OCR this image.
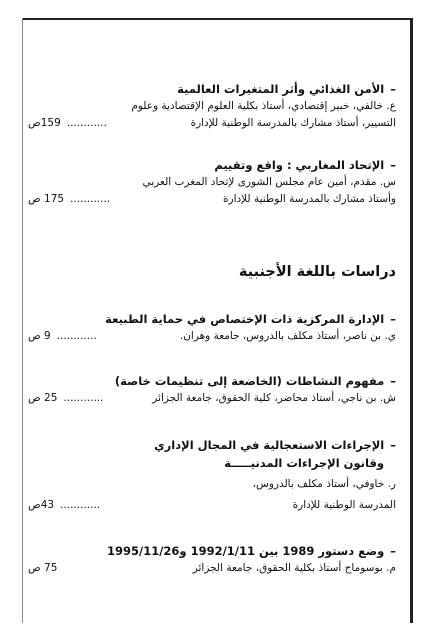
–الأمن الغذائي وأثر المتغيرات العالمية
ع. خالفي، خبير إقتصادي، أستاذ بكلية العلوم الإقتصادية وعلوم
التسيير، أستاذ مشارك بالمدرسة الوطنية للإدارة
............159ص
–الإتحاد المغاربي : واقع وتقييم
س. مقدم، أمين عام مجلس الشورى لإتحاد المغرب العربي
وأستاذ مشارك بالمدرسة الوطنية للإدارة
............175 ص
دراسات باللغة الأجنبية
–الإدارة المركزية ذات الإختصاص في حماية الطبيعة
ي. بن ناصر، أستاذ مكلف بالدروس، جامعة وهران.
............9 ص
–مفهوم النشاطات (الخاضعة إلى تنظيمات خاصة)
ش. بن ناجي، أستاذ محاضر، كلية الحقوق، جامعة الجزائر
............25 ص
–الإجراءات الاستعجالية في المجال الإداري
وقانون الإجراءات المدنيـــــة
ر. خاوفي، أستاذ مكلف بالدروس،
المدرسة الوطنية للإدارة
............43ص
–وضع دستور 1989 بين 1992/1/11 و1995/11/26
م. بوسوماح أستاذ بكلية الحقوق، جامعة الجزائر
75 ص
